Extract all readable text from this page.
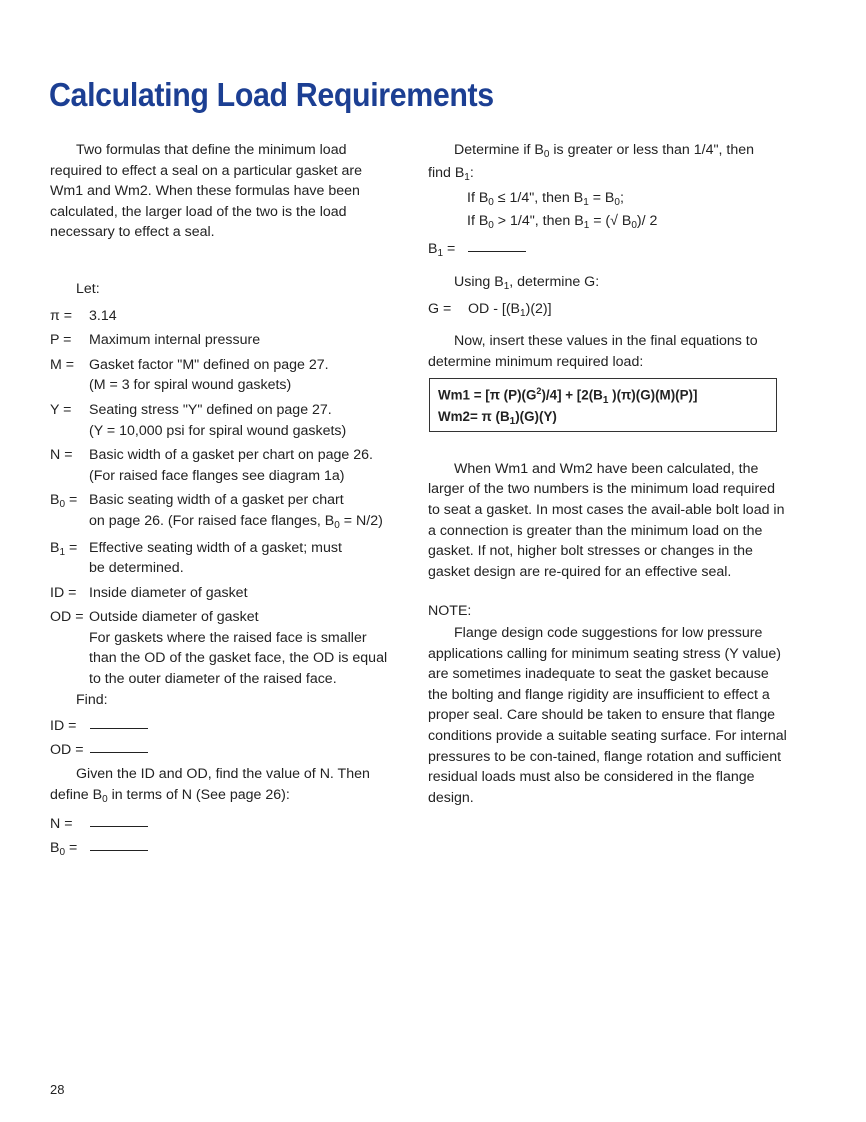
Calculating Load Requirements

Two formulas that define the minimum load required to effect a seal on a particular gasket are Wm1 and Wm2. When these formulas have been calculated, the larger load of the two is the load necessary to effect a seal.

Let:
π =	3.14
P =	Maximum internal pressure
M =	Gasket factor "M" defined on page 27.
(M = 3 for spiral wound gaskets)
Y =	Seating stress "Y" defined on page 27.
(Y = 10,000 psi for spiral wound gaskets)
N =	Basic width of a gasket per chart on page 26.
(For raised face flanges see diagram 1a)
$B_0$ = Basic seating width of a gasket per chart
on page 26. (For raised face flanges, $B_0 = N/2$)
$B_1$ = Effective seating width of a gasket; must
be determined.
ID = Inside diameter of gasket
OD = Outside diameter of gasket
For gaskets where the raised face is smaller than the OD of the gasket face, the OD is equal to the outer diameter of the raised face.
Find:
ID =
OD =

Given the ID and OD, find the value of N. Then define $B_0$ in terms of N (See page 26):

N =
$B_0$ =
Determine if $B_0$ is greater or less than 1/4", then
find $B_1$:
If $B_0 \le 1/4$", then $B_1 = B_0$;
If $B_0 > 1/4$", then $B_1$ = (√ $B_0)/$ 2
$B_1$ =
Using $B_1$, determine G:
G =	OD - $[(B_1)(2)]$

Now, insert these values in the final equations to determine minimum required load:

Wm1 = [π $(P)(G^2)/4] + [2(B_1$ )(π)(G)(M)(P)]
Wm2= π $(B_1)(G)(Y)$

When Wm1 and Wm2 have been calculated, the larger of the two numbers is the minimum load required to seat a gasket. In most cases the avail-able bolt load in a connection is greater than the minimum load on the gasket. If not, higher bolt stresses or changes in the gasket design are re-quired for an effective seal.

NOTE:

Flange design code suggestions for low pressure applications calling for minimum seating stress (Y value) are sometimes inadequate to seat the gasket because the bolting and flange rigidity are insufficient to effect a proper seal. Care should be taken to ensure that flange conditions provide a suitable seating surface. For internal pressures to be con-tained, flange rotation and sufficient residual loads must also be considered in the flange design.

28
